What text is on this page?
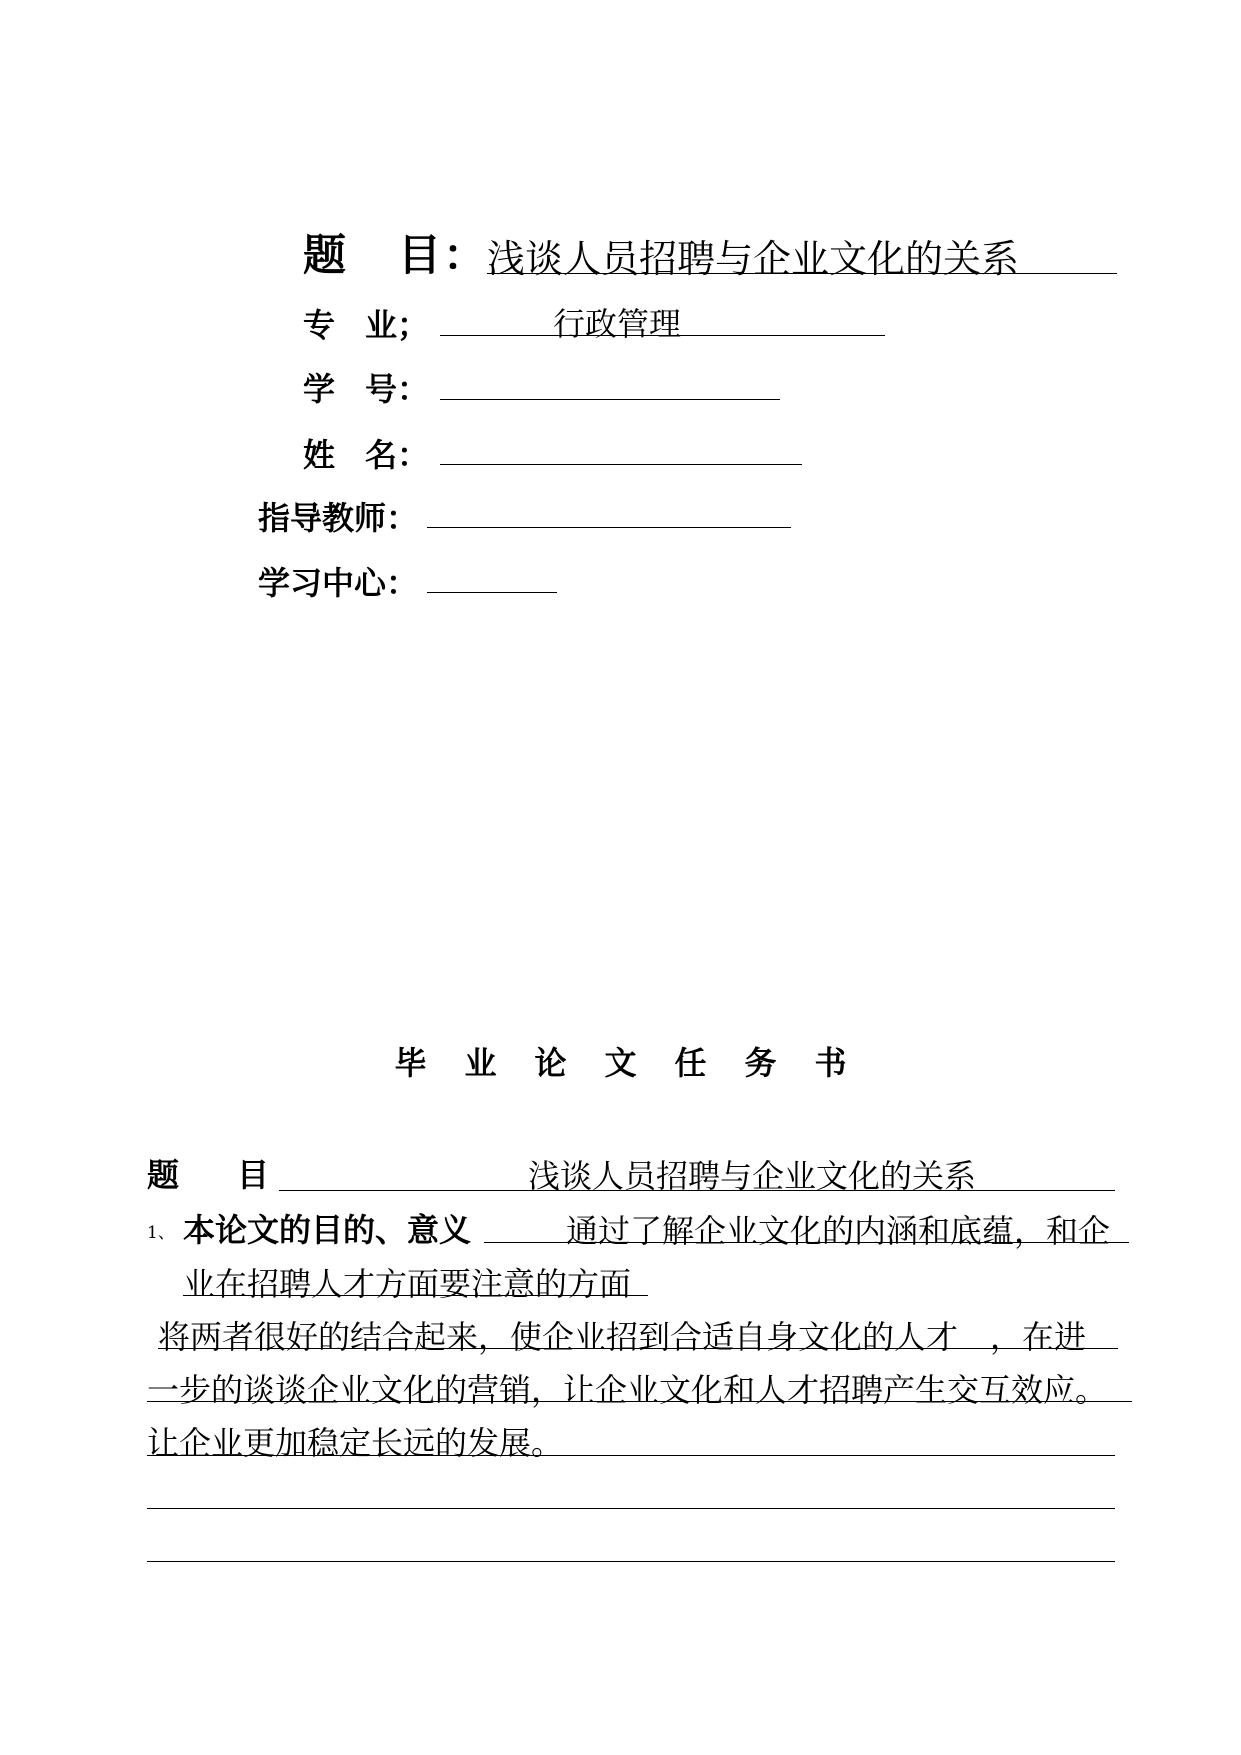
题 目： 浅谈人员招聘与企业文化的关系
专 业；	行政管理
学 号：
姓 名：
指导教师：
学习中心：
毕业论文任务书
题 目	浅谈人员招聘与企业文化的关系
1、 本论文的目的、意义	通过了解企业文化的内涵和底蕴，和企
业在招聘人才方面要注意的方面
将两者很好的结合起来，使企业招到合适自身文化的人才　，在进
一步的谈谈企业文化的营销，让企业文化和人才招聘产生交互效应。
让企业更加稳定长远的发展。
